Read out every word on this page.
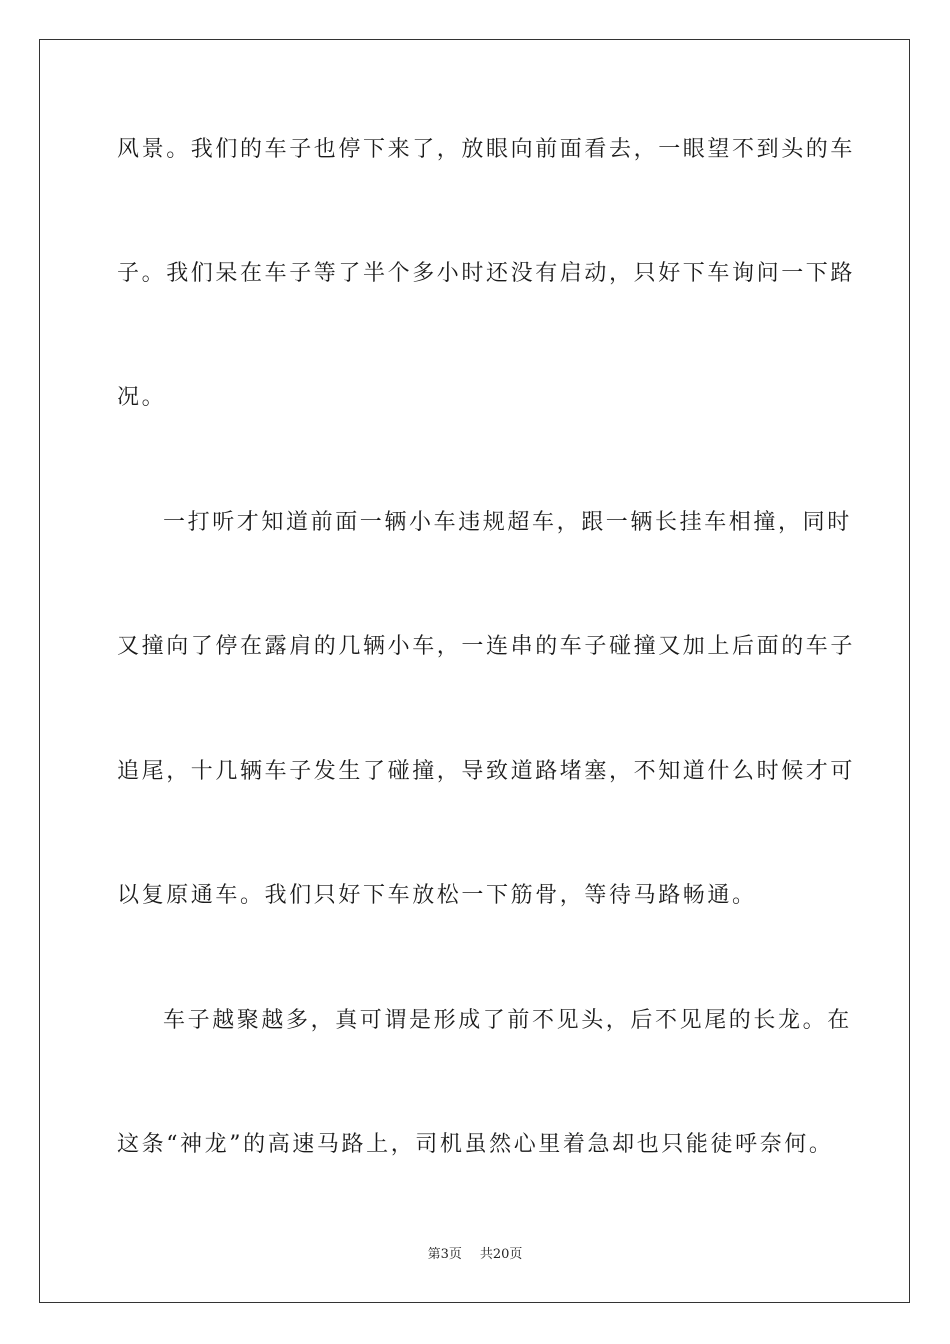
风景。我们的车子也停下来了，放眼向前面看去，一眼望不到头的车
子。我们呆在车子等了半个多小时还没有启动，只好下车询问一下路
况。
一打听才知道前面一辆小车违规超车，跟一辆长挂车相撞，同时
又撞向了停在露肩的几辆小车，一连串的车子碰撞又加上后面的车子
追尾，十几辆车子发生了碰撞，导致道路堵塞，不知道什么时候才可
以复原通车。我们只好下车放松一下筋骨，等待马路畅通。
车子越聚越多，真可谓是形成了前不见头，后不见尾的长龙。在
这条“神龙”的高速马路上，司机虽然心里着急却也只能徒呼奈何。
第3页 共20页
